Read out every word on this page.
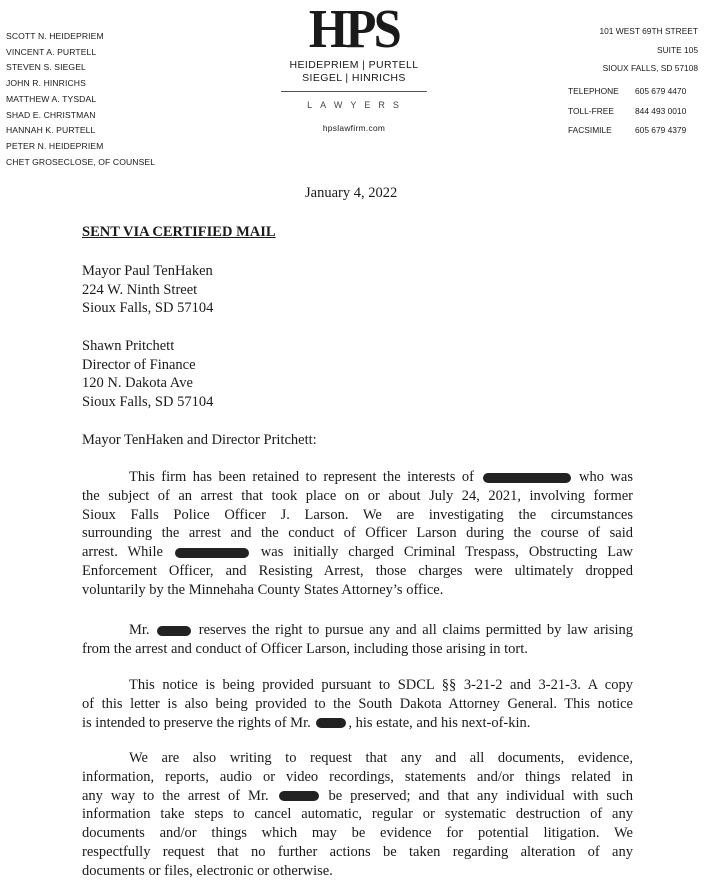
SCOTT N. HEIDEPRIEM
VINCENT A. PURTELL
STEVEN S. SIEGEL
JOHN R. HINRICHS
MATTHEW A. TYSDAL
SHAD E. CHRISTMAN
HANNAH K. PURTELL
PETER N. HEIDEPRIEM
CHET GROSECLOSE, OF COUNSEL
HPS
HEIDEPRIEM | PURTELL
SIEGEL | HINRICHS
LAWYERS
hpslawfirm.com
101 WEST 69TH STREET
SUITE 105
SIOUX FALLS, SD 57108
TELEPHONE	605 679 4470
TOLL-FREE	844 493 0010
FACSIMILE	605 679 4379
January 4, 2022
SENT VIA CERTIFIED MAIL
Mayor Paul TenHaken
224 W. Ninth Street
Sioux Falls, SD 57104
Shawn Pritchett
Director of Finance
120 N. Dakota Ave
Sioux Falls, SD 57104
Mayor TenHaken and Director Pritchett:
This firm has been retained to represent the interests of	who was
the subject of an arrest that took place on or about July 24, 2021, involving former
Sioux Falls Police Officer J. Larson. We are investigating the circumstances
surrounding the arrest and the conduct of Officer Larson during the course of said
arrest. While	was initially charged Criminal Trespass, Obstructing Law
Enforcement Officer, and Resisting Arrest, those charges were ultimately dropped
voluntarily by the Minnehaha County States Attorney’s office.
Mr.	reserves the right to pursue any and all claims permitted by law arising
from the arrest and conduct of Officer Larson, including those arising in tort.
This notice is being provided pursuant to SDCL §§ 3-21-2 and 3-21-3. A copy
of this letter is also being provided to the South Dakota Attorney General. This notice
is intended to preserve the rights of Mr.	, his estate, and his next-of-kin.
We are also writing to request that any and all documents, evidence,
information, reports, audio or video recordings, statements and/or things related in
any way to the arrest of Mr.	be preserved; and that any individual with such
information take steps to cancel automatic, regular or systematic destruction of any
documents and/or things which may be evidence for potential litigation. We
respectfully request that no further actions be taken regarding alteration of any
documents or files, electronic or otherwise.
